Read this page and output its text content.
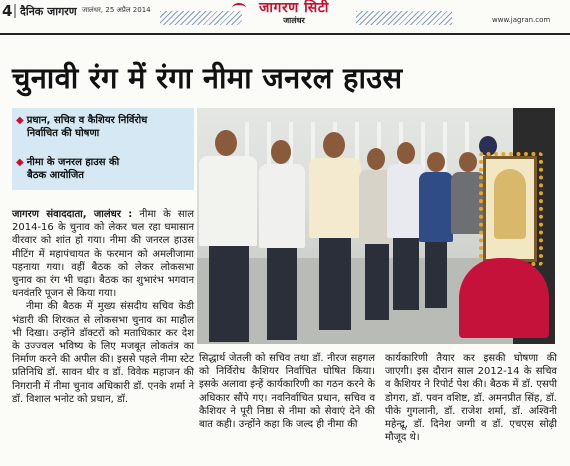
4 दैनिक जागरण जालंधर, 25 अप्रैल 2014	जागरण सिटी
जालंधर	www.jagran.com
चुनावी रंग में रंगा नीमा जनरल हाउस
◆ प्रधान, सचिव व कैशियर निर्विरोध
निर्वाचित की घोषणा
◆ नीमा के जनरल हाउस की
बैठक आयोजित

जागरण संवाददाता, जालंधर : नीमा के साल 2014-16 के चुनाव को लेकर चल रहा घमासान वीरवार को शांत हो गया। नीमा की जनरल हाउस मीटिंग में महापंचायत के फरमान को अमलीजामा पहनाया गया। वहीं बैठक को लेकर लोकसभा चुनाव का रंग भी चढ़ा। बैठक का शुभारंभ भगवान धनवंतरि पूजन से किया गया।

नीमा की बैठक में मुख्य संसदीय सचिव केडी भंडारी की शिरकत से लोकसभा चुनाव का माहौल भी दिखा। उन्होंने डॉक्टरों को मताधिकार कर देश के उज्ज्वल भविष्य के लिए मजबूत लोकतंत्र का निर्माण करने की अपील की। इससे पहले नीमा स्टेट प्रतिनिधि डॉ. सावन धीर व डॉ. विवेक महाजन की निगरानी में नीमा चुनाव अधिकारी डॉ. एनके शर्मा ने डॉ. विशाल भनोट को प्रधान, डॉ.

सिद्धार्थ जेतली को सचिव तथा डॉ. नीरज सहगल को निर्विरोध कैशियर निर्वाचित घोषित किया। इसके अलावा इन्हें कार्यकारिणी का गठन करने के अधिकार सौंपे गए। नवनिर्वाचित प्रधान, सचिव व कैशियर ने पूरी निष्ठा से नीमा को सेवाएं देने की बात कही। उन्होंने कहा कि जल्द ही नीमा की

कार्यकारिणी तैयार कर इसकी घोषणा की जाएगी। इस दौरान साल 2012-14 के सचिव व कैशियर ने रिपोर्ट पेश की। बैठक में डॉ. एसपी डोगरा, डॉ. पवन वशिष्ट, डॉ. अमनप्रीत सिंह, डॉ. पीके गुगलानी, डॉ. राजेश शर्मा, डॉ. अश्विनी महेन्द्रू, डॉ. दिनेश जग्गी व डॉ. एचएस सोढ़ी मौजूद थे।
